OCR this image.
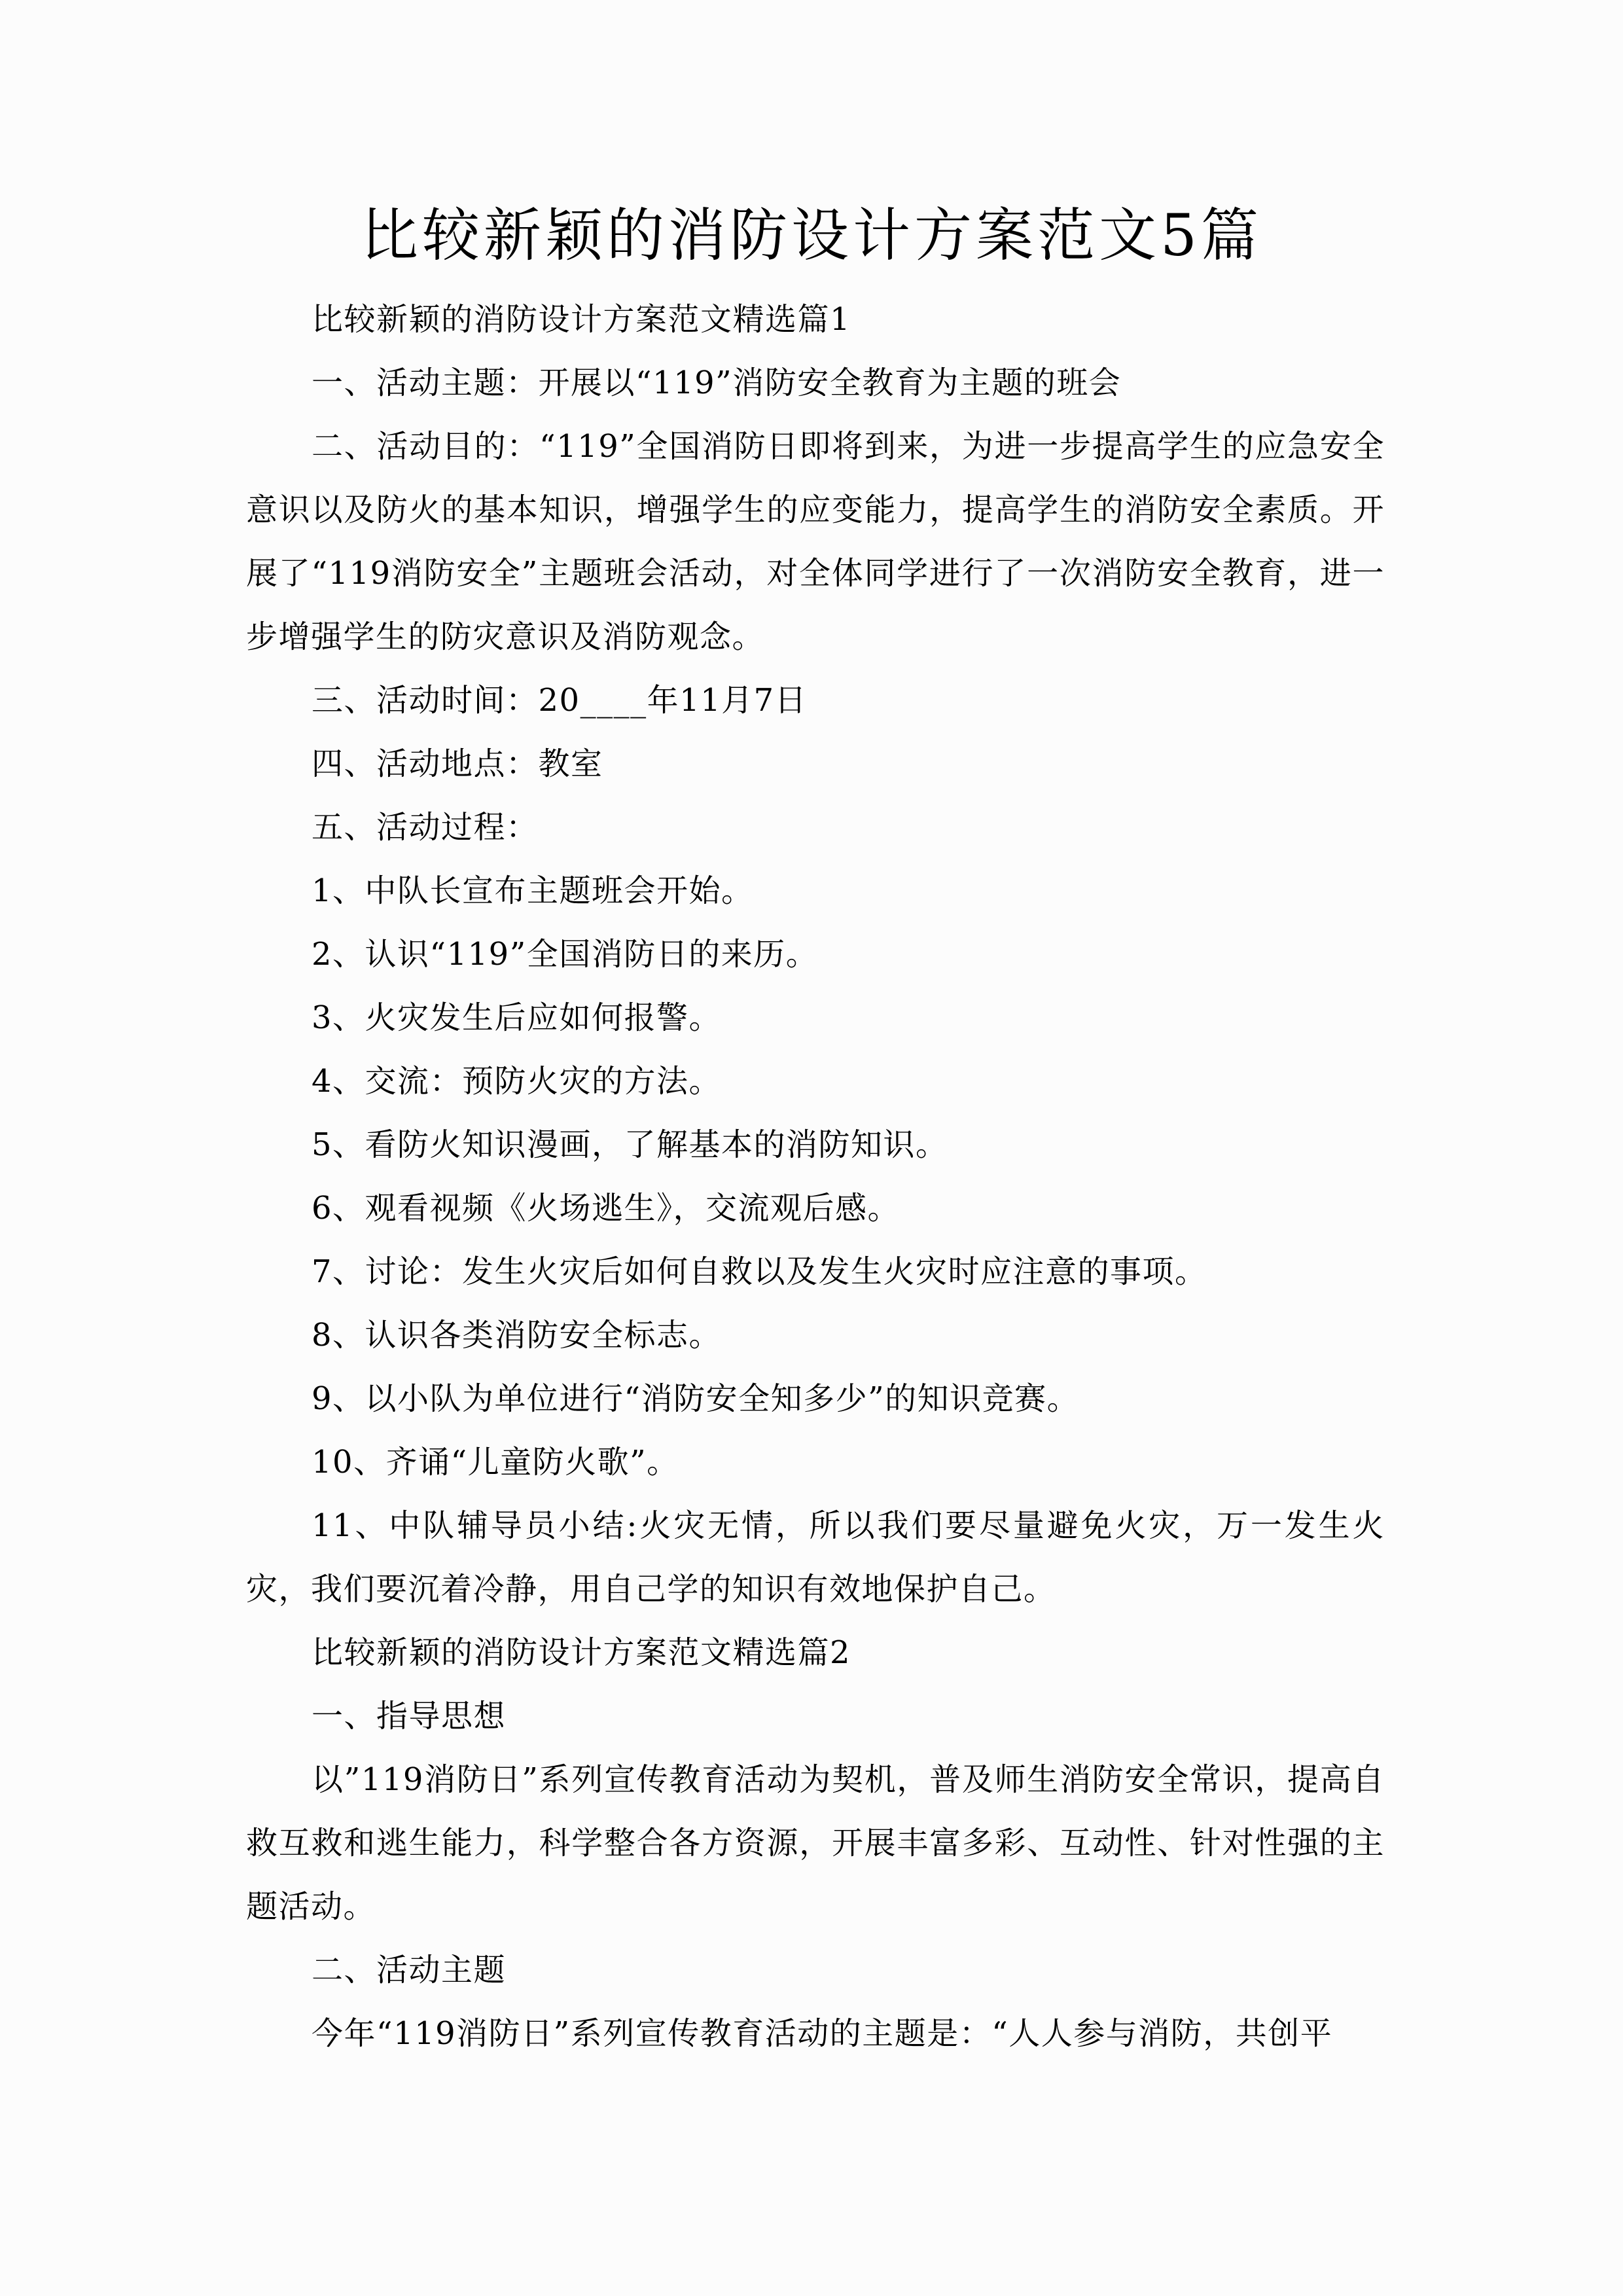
比较新颖的消防设计方案范文5篇

比较新颖的消防设计方案范文精选篇1

一、活动主题：开展以“119”消防安全教育为主题的班会

二、活动目的：“119”全国消防日即将到来，为进一步提高学生的应急安全意识以及防火的基本知识，增强学生的应变能力，提高学生的消防安全素质。开展了“119消防安全”主题班会活动，对全体同学进行了一次消防安全教育，进一步增强学生的防灾意识及消防观念。

三、活动时间：20____年11月7日

四、活动地点：教室

五、活动过程：

1、中队长宣布主题班会开始。

2、认识“119”全国消防日的来历。

3、火灾发生后应如何报警。

4、交流：预防火灾的方法。

5、看防火知识漫画，了解基本的消防知识。

6、观看视频《火场逃生》，交流观后感。

7、讨论：发生火灾后如何自救以及发生火灾时应注意的事项。

8、认识各类消防安全标志。

9、以小队为单位进行“消防安全知多少”的知识竞赛。

10、齐诵“儿童防火歌”。

11、中队辅导员小结:火灾无情，所以我们要尽量避免火灾，万一发生火灾，我们要沉着冷静，用自己学的知识有效地保护自己。

比较新颖的消防设计方案范文精选篇2

一、指导思想

以”119消防日”系列宣传教育活动为契机，普及师生消防安全常识，提高自救互救和逃生能力，科学整合各方资源，开展丰富多彩、互动性、针对性强的主题活动。

二、活动主题

今年“119消防日”系列宣传教育活动的主题是：“人人参与消防，共创平
